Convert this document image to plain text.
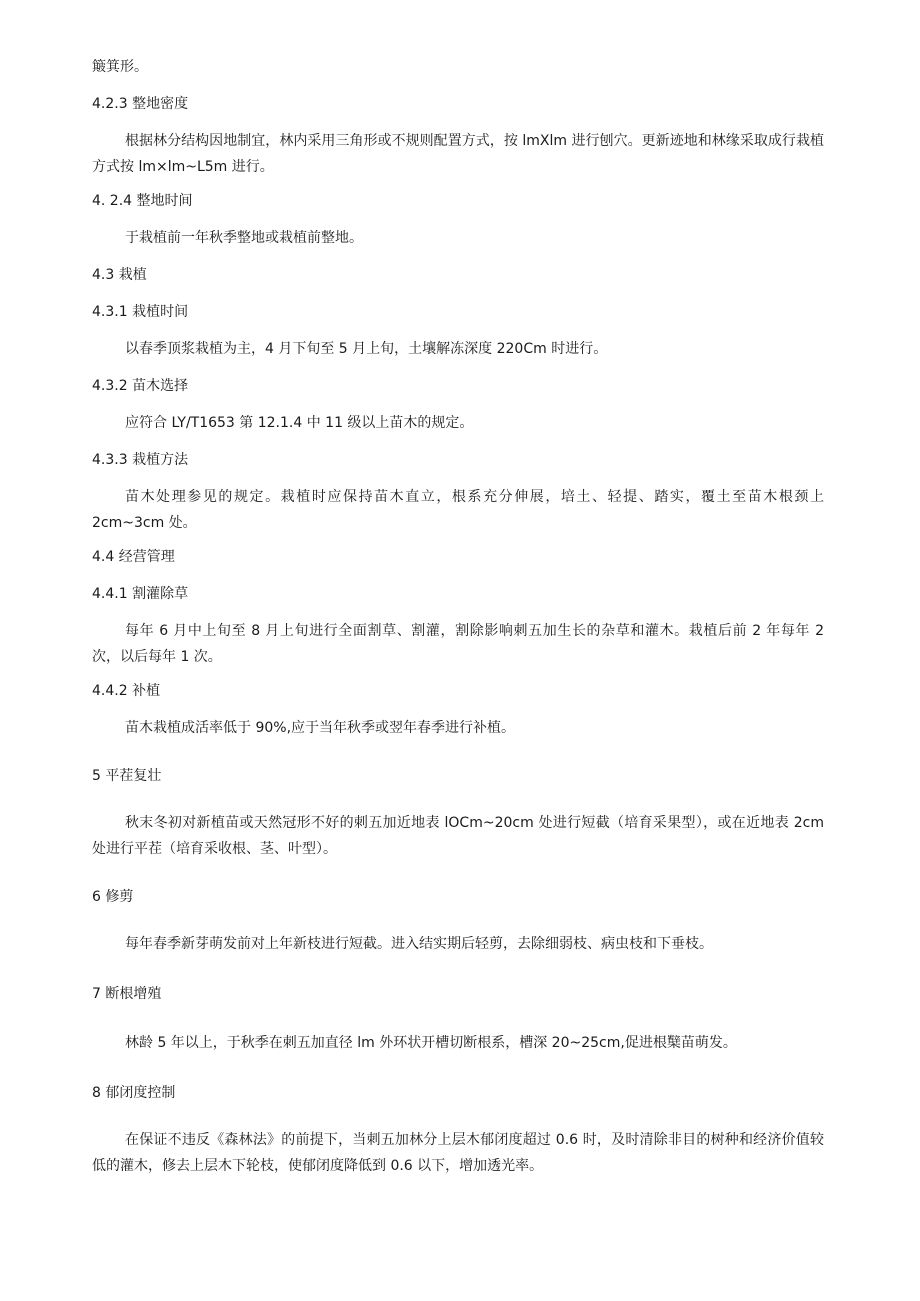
簸箕形。

4.2.3 整地密度

根据林分结构因地制宜，林内采用三角形或不规则配置方式，按 lmXlm 进行刨穴。更新迹地和林缘采取成行栽植方式按 lm×lm~L5m 进行。

4. 2.4 整地时间

于栽植前一年秋季整地或栽植前整地。

4.3 栽植

4.3.1 栽植时间

以春季顶浆栽植为主，4 月下旬至 5 月上旬，土壤解冻深度 220Cm 时进行。

4.3.2 苗木选择

应符合 LY/T1653 第 12.1.4 中 11 级以上苗木的规定。

4.3.3 栽植方法

苗木处理参见的规定。栽植时应保持苗木直立，根系充分伸展，培土、轻提、踏实，覆土至苗木根颈上 2cm~3cm 处。

4.4 经营管理

4.4.1 割灌除草

每年 6 月中上旬至 8 月上旬进行全面割草、割灌，割除影响刺五加生长的杂草和灌木。栽植后前 2 年每年 2 次，以后每年 1 次。

4.4.2 补植

苗木栽植成活率低于 90%,应于当年秋季或翌年春季进行补植。

5 平茬复壮

秋末冬初对新植苗或天然冠形不好的刺五加近地表 lOCm~20cm 处进行短截（培育采果型），或在近地表 2cm 处进行平茬（培育采收根、茎、叶型）。

6 修剪

每年春季新芽萌发前对上年新枝进行短截。进入结实期后轻剪，去除细弱枝、病虫枝和下垂枝。

7 断根增殖

林龄 5 年以上，于秋季在刺五加直径 lm 外环状开槽切断根系，槽深 20~25cm,促进根櫱苗萌发。

8 郁闭度控制

在保证不违反《森林法》的前提下，当刺五加林分上层木郁闭度超过 0.6 时，及时清除非目的树种和经济价值较低的灌木，修去上层木下轮枝，使郁闭度降低到 0.6 以下，增加透光率。
